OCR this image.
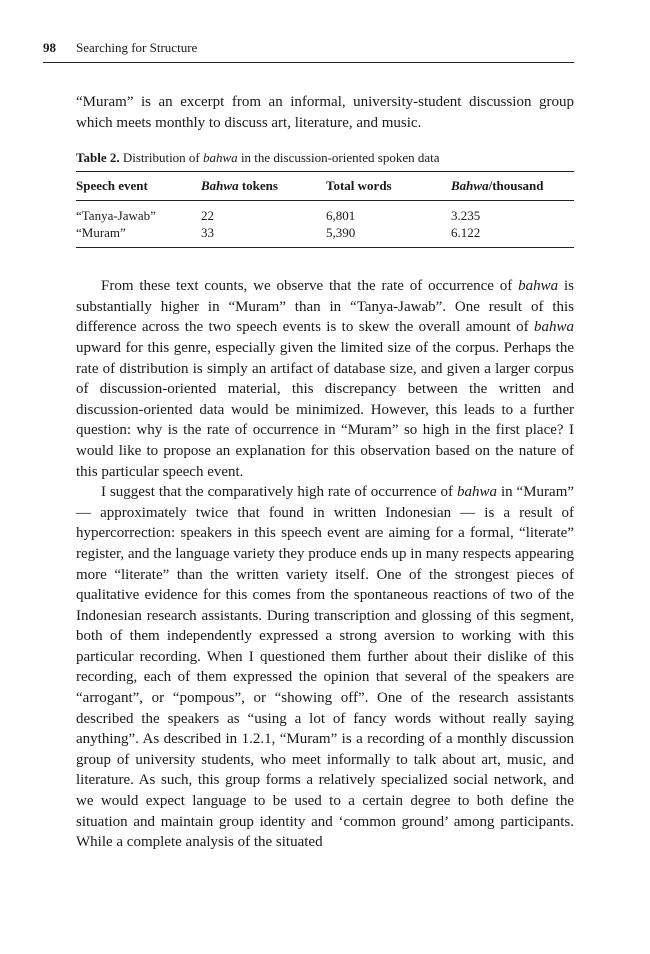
98 Searching for Structure

“Muram” is an excerpt from an informal, university-student discussion group which meets monthly to discuss art, literature, and music.

Table 2. Distribution of bahwa in the discussion-oriented spoken data
Speech event	Bahwa tokens	Total words	Bahwa/thousand
“Tanya-Jawab”	22	6,801	3.235
“Muram”	33	5,390	6.122

From these text counts, we observe that the rate of occurrence of bahwa is substantially higher in “Muram” than in “Tanya-Jawab”. One result of this difference across the two speech events is to skew the overall amount of bahwa upward for this genre, especially given the limited size of the corpus. Perhaps the rate of distribution is simply an artifact of database size, and given a larger corpus of discussion-oriented material, this discrepancy between the written and discussion-oriented data would be minimized. However, this leads to a further question: why is the rate of occurrence in “Muram” so high in the first place? I would like to propose an explanation for this observation based on the nature of this particular speech event.

I suggest that the comparatively high rate of occurrence of bahwa in “Muram” — approximately twice that found in written Indonesian — is a result of hypercorrection: speakers in this speech event are aiming for a formal, “literate” register, and the language variety they produce ends up in many respects appearing more “literate” than the written variety itself. One of the strongest pieces of qualitative evidence for this comes from the spontaneous reactions of two of the Indonesian research assistants. During transcription and glossing of this segment, both of them independently expressed a strong aversion to working with this particular recording. When I questioned them further about their dislike of this recording, each of them expressed the opinion that several of the speakers are “arrogant”, or “pompous”, or “showing off”. One of the research assistants described the speakers as “using a lot of fancy words without really saying anything”. As described in 1.2.1, “Muram” is a recording of a monthly discussion group of university students, who meet informally to talk about art, music, and literature. As such, this group forms a relatively specialized social network, and we would expect language to be used to a certain degree to both define the situation and maintain group identity and ‘common ground’ among participants. While a complete analysis of the situated
